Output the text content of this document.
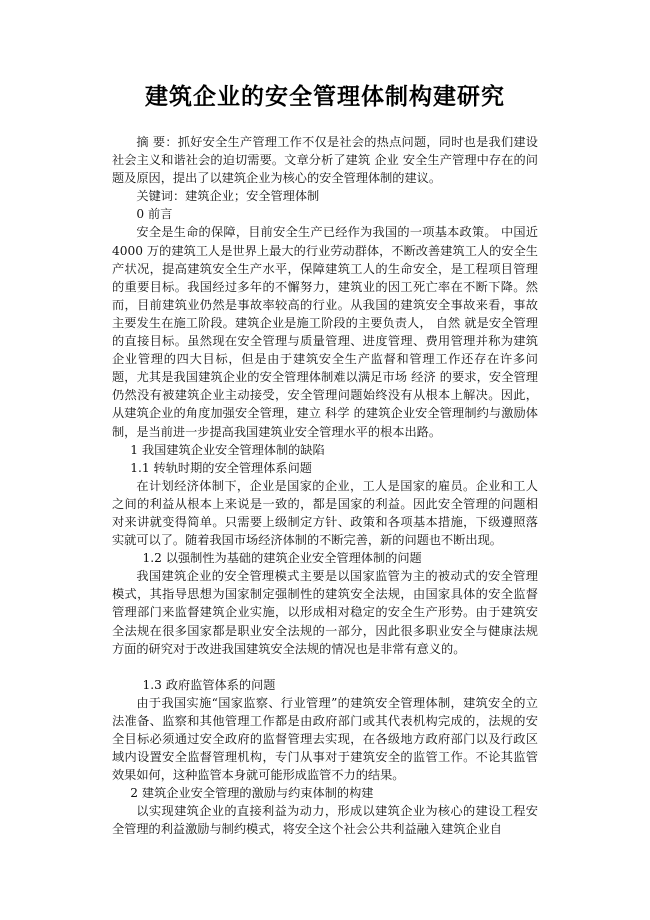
建筑企业的安全管理体制构建研究

摘 要：抓好安全生产管理工作不仅是社会的热点问题，同时也是我们建设社会主义和谐社会的迫切需要。文章分析了建筑 企业 安全生产管理中存在的问题及原因，提出了以建筑企业为核心的安全管理体制的建议。

关键词：建筑企业；安全管理体制

0 前言

安全是生命的保障，目前安全生产已经作为我国的一项基本政策。 中国近 4000 万的建筑工人是世界上最大的行业劳动群体，不断改善建筑工人的安全生产状况，提高建筑安全生产水平，保障建筑工人的生命安全，是工程项目管理的重要目标。我国经过多年的不懈努力，建筑业的因工死亡率在不断下降。然而，目前建筑业仍然是事故率较高的行业。从我国的建筑安全事故来看，事故主要发生在施工阶段。建筑企业是施工阶段的主要负责人， 自然 就是安全管理的直接目标。虽然现在安全管理与质量管理、进度管理、费用管理并称为建筑企业管理的四大目标，但是由于建筑安全生产监督和管理工作还存在许多问题，尤其是我国建筑企业的安全管理体制难以满足市场 经济 的要求，安全管理仍然没有被建筑企业主动接受，安全管理问题始终没有从根本上解决。因此，从建筑企业的角度加强安全管理，建立 科学 的建筑企业安全管理制约与激励体制，是当前进一步提高我国建筑业安全管理水平的根本出路。

1 我国建筑企业安全管理体制的缺陷

1.1 转轨时期的安全管理体系问题

在计划经济体制下，企业是国家的企业，工人是国家的雇员。企业和工人之间的利益从根本上来说是一致的，都是国家的利益。因此安全管理的问题相对来讲就变得简单。只需要上级制定方针、政策和各项基本措施，下级遵照落实就可以了。随着我国市场经济体制的不断完善，新的问题也不断出现。

1.2 以强制性为基础的建筑企业安全管理体制的问题

我国建筑企业的安全管理模式主要是以国家监管为主的被动式的安全管理模式，其指导思想为国家制定强制性的建筑安全法规，由国家具体的安全监督管理部门来监督建筑企业实施，以形成相对稳定的安全生产形势。由于建筑安全法规在很多国家都是职业安全法规的一部分，因此很多职业安全与健康法规方面的研究对于改进我国建筑安全法规的情况也是非常有意义的。

1.3 政府监管体系的问题

由于我国实施“国家监察、行业管理”的建筑安全管理体制，建筑安全的立法准备、监察和其他管理工作都是由政府部门或其代表机构完成的，法规的安全目标必须通过安全政府的监督管理去实现，在各级地方政府部门以及行政区域内设置安全监督管理机构，专门从事对于建筑安全的监管工作。不论其监管效果如何，这种监管本身就可能形成监管不力的结果。

2 建筑企业安全管理的激励与约束体制的构建

以实现建筑企业的直接利益为动力，形成以建筑企业为核心的建设工程安全管理的利益激励与制约模式，将安全这个社会公共利益融入建筑企业自
